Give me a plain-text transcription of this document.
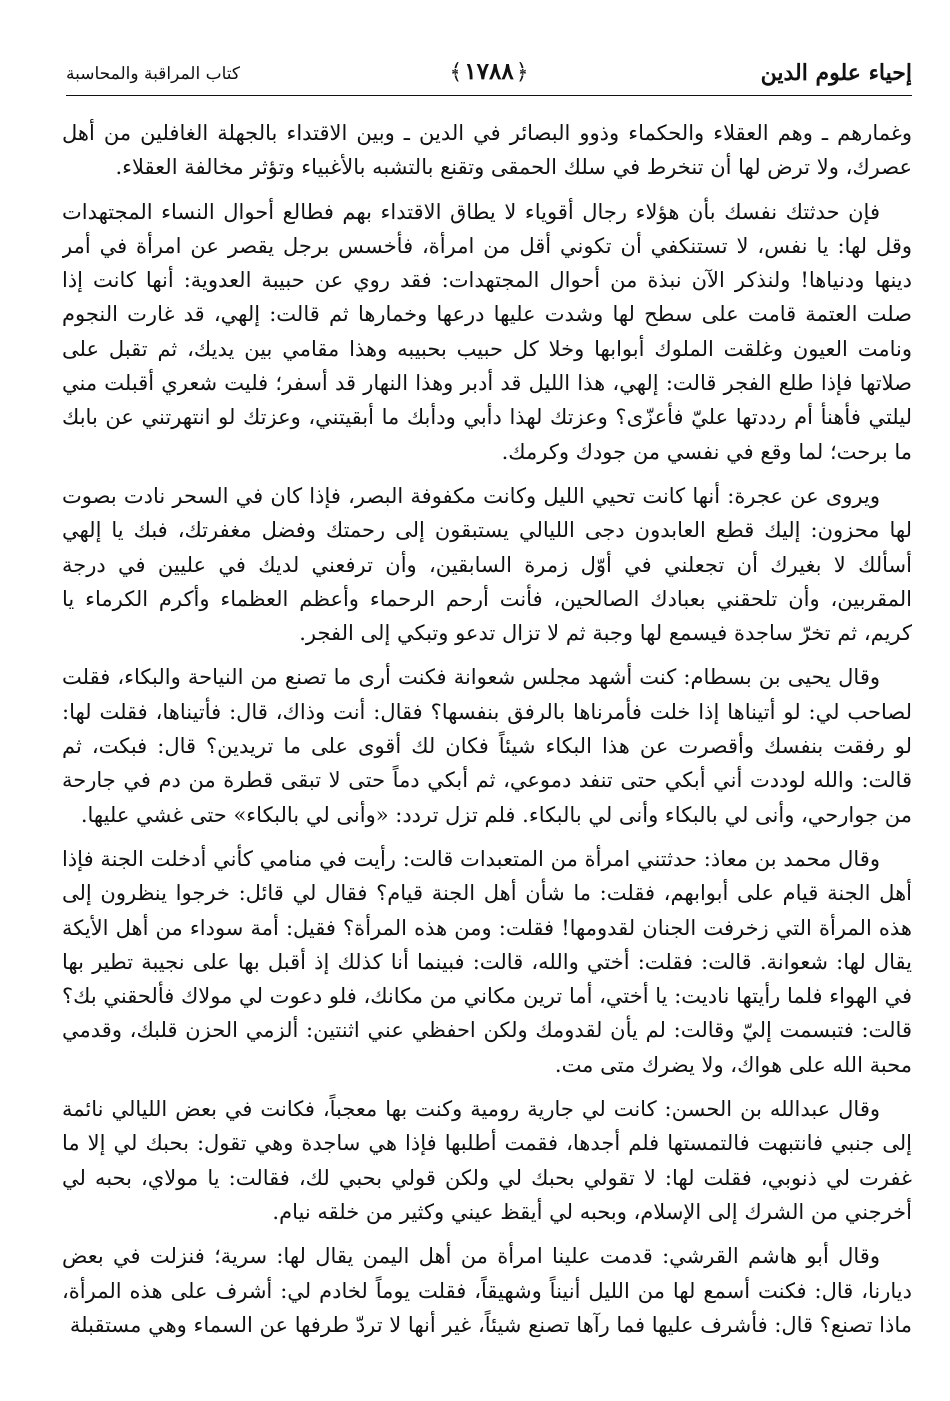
إحياء علوم الدين
﴿١٧٨٨﴾
كتاب المراقبة والمحاسبة

وغمارهم ـ وهم العقلاء والحكماء وذوو البصائر في الدين ـ وبين الاقتداء بالجهلة الغافلين من أهل عصرك، ولا ترض لها أن تنخرط في سلك الحمقى وتقنع بالتشبه بالأغبياء وتؤثر مخالفة العقلاء.

فإن حدثتك نفسك بأن هؤلاء رجال أقوياء لا يطاق الاقتداء بهم فطالع أحوال النساء المجتهدات وقل لها: يا نفس، لا تستنكفي أن تكوني أقل من امرأة، فأخسس برجل يقصر عن امرأة في أمر دينها ودنياها! ولنذكر الآن نبذة من أحوال المجتهدات: فقد روي عن حبيبة العدوية: أنها كانت إذا صلت العتمة قامت على سطح لها وشدت عليها درعها وخمارها ثم قالت: إلهي، قد غارت النجوم ونامت العيون وغلقت الملوك أبوابها وخلا كل حبيب بحبيبه وهذا مقامي بين يديك، ثم تقبل على صلاتها فإذا طلع الفجر قالت: إلهي، هذا الليل قد أدبر وهذا النهار قد أسفر؛ فليت شعري أقبلت مني ليلتي فأهنأ أم رددتها عليّ فأعزّى؟ وعزتك لهذا دأبي ودأبك ما أبقيتني، وعزتك لو انتهرتني عن بابك ما برحت؛ لما وقع في نفسي من جودك وكرمك.

ويروى عن عجرة: أنها كانت تحيي الليل وكانت مكفوفة البصر، فإذا كان في السحر نادت بصوت لها محزون: إليك قطع العابدون دجى الليالي يستبقون إلى رحمتك وفضل مغفرتك، فبك يا إلهي أسألك لا بغيرك أن تجعلني في أوّل زمرة السابقين، وأن ترفعني لديك في عليين في درجة المقربين، وأن تلحقني بعبادك الصالحين، فأنت أرحم الرحماء وأعظم العظماء وأكرم الكرماء يا كريم، ثم تخرّ ساجدة فيسمع لها وجبة ثم لا تزال تدعو وتبكي إلى الفجر.

وقال يحيى بن بسطام: كنت أشهد مجلس شعوانة فكنت أرى ما تصنع من النياحة والبكاء، فقلت لصاحب لي: لو أتيناها إذا خلت فأمرناها بالرفق بنفسها؟ فقال: أنت وذاك، قال: فأتيناها، فقلت لها: لو رفقت بنفسك وأقصرت عن هذا البكاء شيئاً فكان لك أقوى على ما تريدين؟ قال: فبكت، ثم قالت: والله لوددت أني أبكي حتى تنفد دموعي، ثم أبكي دماً حتى لا تبقى قطرة من دم في جارحة من جوارحي، وأنى لي بالبكاء وأنى لي بالبكاء. فلم تزل تردد: «وأنى لي بالبكاء» حتى غشي عليها.

وقال محمد بن معاذ: حدثتني امرأة من المتعبدات قالت: رأيت في منامي كأني أدخلت الجنة فإذا أهل الجنة قيام على أبوابهم، فقلت: ما شأن أهل الجنة قيام؟ فقال لي قائل: خرجوا ينظرون إلى هذه المرأة التي زخرفت الجنان لقدومها! فقلت: ومن هذه المرأة؟ فقيل: أمة سوداء من أهل الأيكة يقال لها: شعوانة. قالت: فقلت: أختي والله، قالت: فبينما أنا كذلك إذ أقبل بها على نجيبة تطير بها في الهواء فلما رأيتها ناديت: يا أختي، أما ترين مكاني من مكانك، فلو دعوت لي مولاك فألحقني بك؟ قالت: فتبسمت إليّ وقالت: لم يأن لقدومك ولكن احفظي عني اثنتين: ألزمي الحزن قلبك، وقدمي محبة الله على هواك، ولا يضرك متى مت.

وقال عبدالله بن الحسن: كانت لي جارية رومية وكنت بها معجباً، فكانت في بعض الليالي نائمة إلى جنبي فانتبهت فالتمستها فلم أجدها، فقمت أطلبها فإذا هي ساجدة وهي تقول: بحبك لي إلا ما غفرت لي ذنوبي، فقلت لها: لا تقولي بحبك لي ولكن قولي بحبي لك، فقالت: يا مولاي، بحبه لي أخرجني من الشرك إلى الإسلام، وبحبه لي أيقظ عيني وكثير من خلقه نيام.

وقال أبو هاشم القرشي: قدمت علينا امرأة من أهل اليمن يقال لها: سرية؛ فنزلت في بعض ديارنا، قال: فكنت أسمع لها من الليل أنيناً وشهيقاً، فقلت يوماً لخادم لي: أشرف على هذه المرأة، ماذا تصنع؟ قال: فأشرف عليها فما رآها تصنع شيئاً، غير أنها لا تردّ طرفها عن السماء وهي مستقبلة
